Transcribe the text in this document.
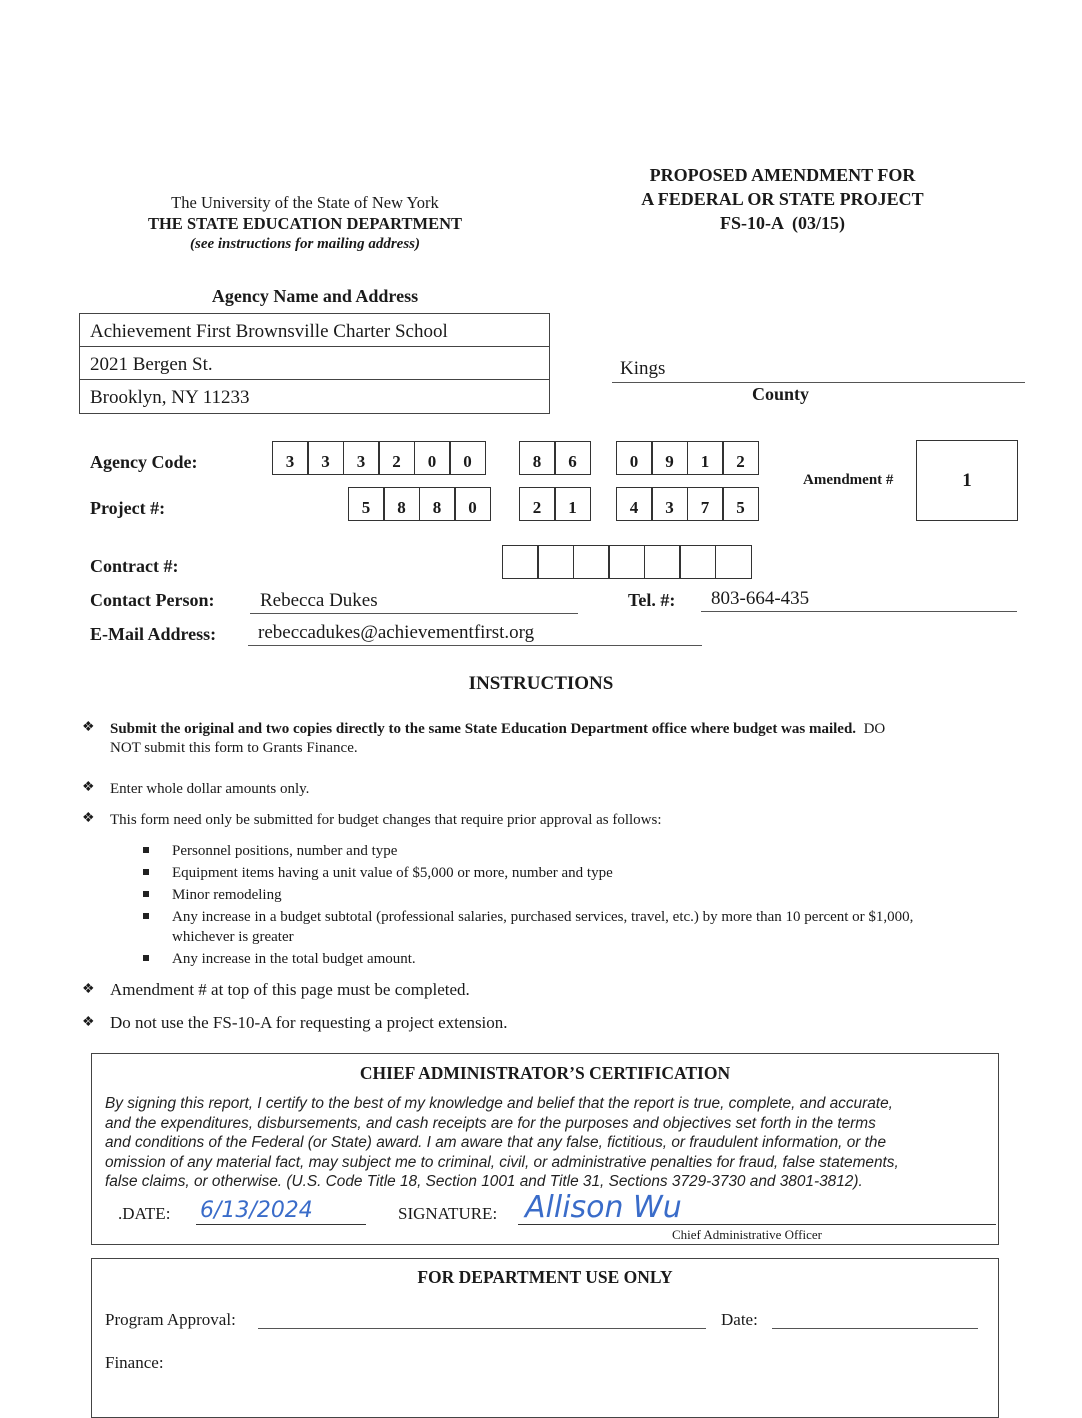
The University of the State of New York
THE STATE EDUCATION DEPARTMENT
(see instructions for mailing address)
PROPOSED AMENDMENT FOR
A FEDERAL OR STATE PROJECT
FS-10-A  (03/15)
Agency Name and Address
Achievement First Brownsville Charter School
2021 Bergen St.
Brooklyn, NY 11233
Kings
County
Agency Code:	3	3	3	2	0	0	8	6	0	9	1	2
Project #:	5	8	8	0	2	1	4	3	7	5
Amendment #	1
Contract #:
Contact Person:	Rebecca Dukes	Tel. #:	803-664-435
E-Mail Address:	rebeccadukes@achievementfirst.org
INSTRUCTIONS
❖ Submit the original and two copies directly to the same State Education Department office where budget was mailed. DO
NOT submit this form to Grants Finance.
❖ Enter whole dollar amounts only.
❖ This form need only be submitted for budget changes that require prior approval as follows:
Personnel positions, number and type
Equipment items having a unit value of $5,000 or more, number and type
Minor remodeling
Any increase in a budget subtotal (professional salaries, purchased services, travel, etc.) by more than 10 percent or $1,000,
whichever is greater
Any increase in the total budget amount.
❖ Amendment # at top of this page must be completed.
❖ Do not use the FS-10-A for requesting a project extension.
CHIEF ADMINISTRATOR’S CERTIFICATION
By signing this report, I certify to the best of my knowledge and belief that the report is true, complete, and accurate,
and the expenditures, disbursements, and cash receipts are for the purposes and objectives set forth in the terms
and conditions of the Federal (or State) award. I am aware that any false, fictitious, or fraudulent information, or the
omission of any material fact, may subject me to criminal, civil, or administrative penalties for fraud, false statements,
false claims, or otherwise. (U.S. Code Title 18, Section 1001 and Title 31, Sections 3729-3730 and 3801-3812).
.DATE: 6/13/2024	SIGNATURE: Allison Wu
Chief Administrative Officer
FOR DEPARTMENT USE ONLY
Program Approval:	Date:
Finance:
